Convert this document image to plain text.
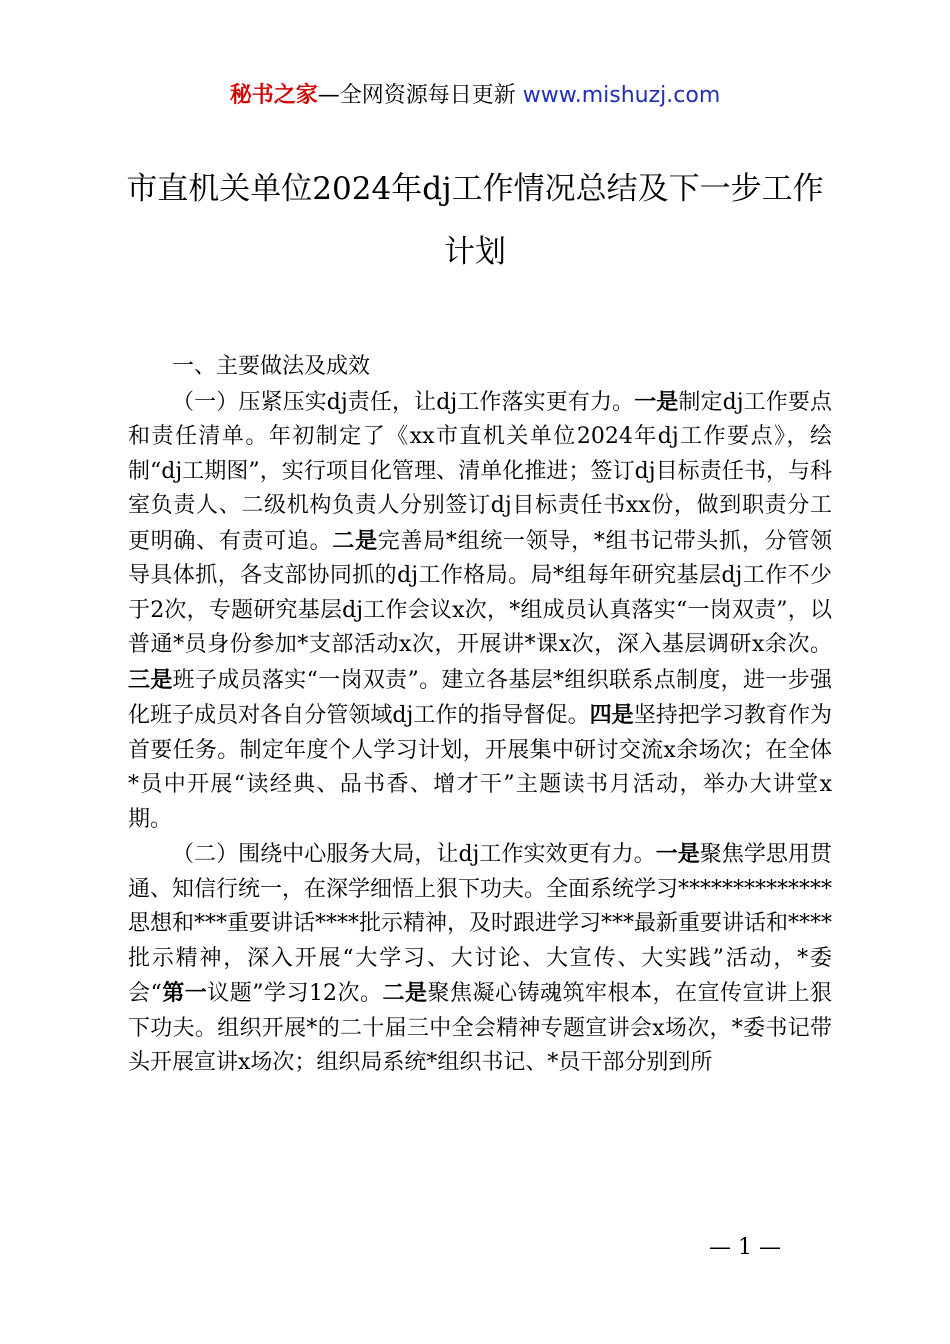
秘书之家—全网资源每日更新 www.mishuzj.com
市直机关单位2024年dj工作情况总结及下一步工作计划

一、主要做法及成效

（一）压紧压实dj责任，让dj工作落实更有力。一是制定dj工作要点和责任清单。年初制定了《xx市直机关单位2024年dj工作要点》，绘制“dj工期图”，实行项目化管理、清单化推进；签订dj目标责任书，与科室负责人、二级机构负责人分别签订dj目标责任书xx份，做到职责分工更明确、有责可追。二是完善局*组统一领导，*组书记带头抓，分管领导具体抓，各支部协同抓的dj工作格局。局*组每年研究基层dj工作不少于2次，专题研究基层dj工作会议x次，*组成员认真落实“一岗双责”，以普通*员身份参加*支部活动x次，开展讲*课x次，深入基层调研x余次。三是班子成员落实“一岗双责”。建立各基层*组织联系点制度，进一步强化班子成员对各自分管领域dj工作的指导督促。四是坚持把学习教育作为首要任务。制定年度个人学习计划，开展集中研讨交流x余场次；在全体*员中开展“读经典、品书香、增才干”主题读书月活动，举办大讲堂x期。

（二）围绕中心服务大局，让dj工作实效更有力。一是聚焦学思用贯通、知信行统一，在深学细悟上狠下功夫。全面系统学习**************思想和***重要讲话****批示精神，及时跟进学习***最新重要讲话和****批示精神，深入开展“大学习、大讨论、大宣传、大实践”活动，*委会“第一议题”学习12次。二是聚焦凝心铸魂筑牢根本，在宣传宣讲上狠下功夫。组织开展*的二十届三中全会精神专题宣讲会x场次，*委书记带头开展宣讲x场次；组织局系统*组织书记、*员干部分别到所

— 1 —
